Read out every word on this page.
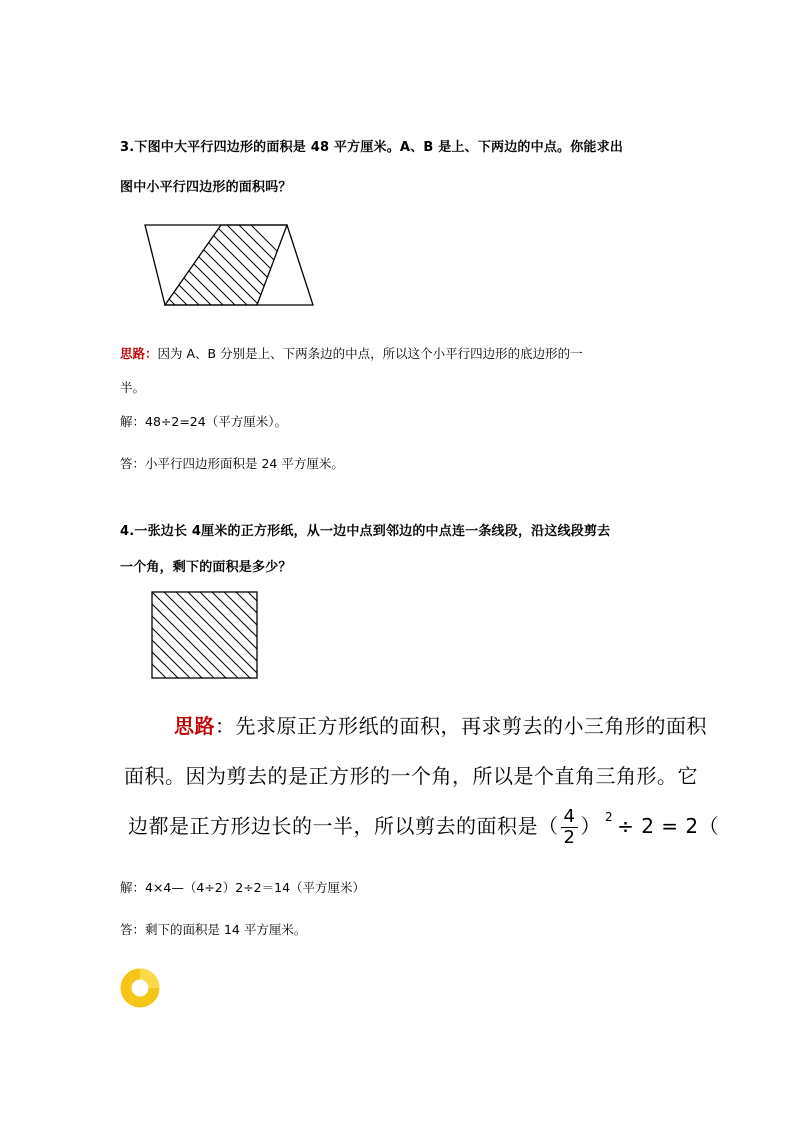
3.下图中大平行四边形的面积是 48 平方厘米。A、B 是上、下两边的中点。你能求出
图中小平行四边形的面积吗？
思路：因为 A、B 分别是上、下两条边的中点，所以这个小平行四边形的底边形的一
半。
解：48÷2=24（平方厘米）。
答：小平行四边形面积是 24 平方厘米。
4.一张边长 4厘米的正方形纸，从一边中点到邻边的中点连一条线段，沿这线段剪去
一个角，剩下的面积是多少？
思路：先求原正方形纸的面积，再求剪去的小三角形的面积
面积。因为剪去的是正方形的一个角，所以是个直角三角形。它
边都是正方形边长的一半，所以剪去的面积是（ $\frac{4}{2}$ ） $^2$ ÷ 2 = 2（
解：4×4—（4÷2）2÷2＝14（平方厘米）
答：剩下的面积是 14 平方厘米。
